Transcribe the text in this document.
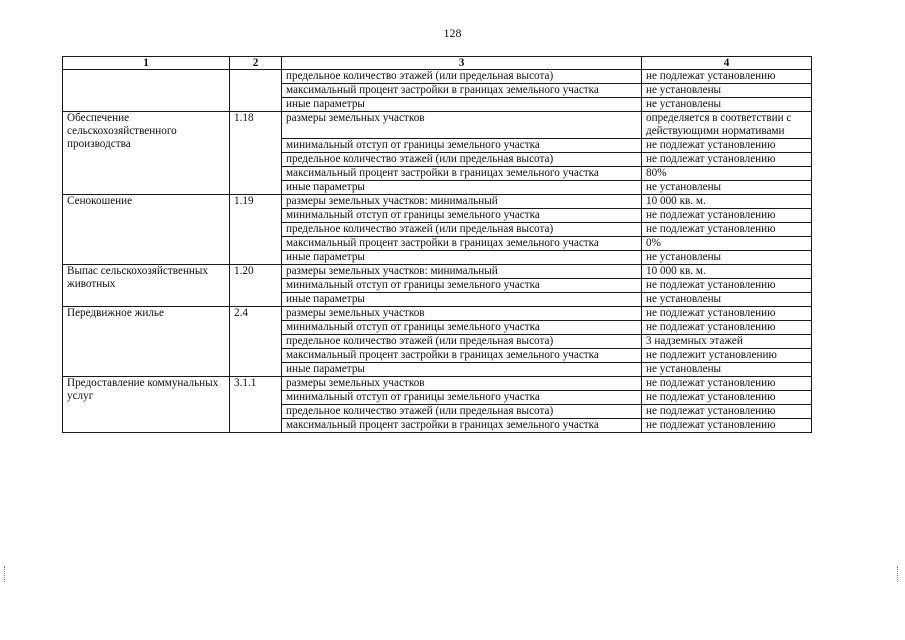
128
1	2	3	4
		предельное количество этажей (или предельная высота)	не подлежат установлению
		максимальный процент застройки в границах земельного участка	не установлены
		иные параметры	не установлены
Обеспечение сельскохозяйственного производства	1.18	размеры земельных участков	определяется в соответствии с действующими нормативами
		минимальный отступ от границы земельного участка	не подлежат установлению
		предельное количество этажей (или предельная высота)	не подлежат установлению
		максимальный процент застройки в границах земельного участка	80%
		иные параметры	не установлены
Сенокошение	1.19	размеры земельных участков: минимальный	10 000 кв. м.
		минимальный отступ от границы земельного участка	не подлежат установлению
		предельное количество этажей (или предельная высота)	не подлежат установлению
		максимальный процент застройки в границах земельного участка	0%
		иные параметры	не установлены
Выпас сельскохозяйственных животных	1.20	размеры земельных участков: минимальный	10 000 кв. м.
		минимальный отступ от границы земельного участка	не подлежат установлению
		иные параметры	не установлены
Передвижное жилье	2.4	размеры земельных участков	не подлежат установлению
		минимальный отступ от границы земельного участка	не подлежат установлению
		предельное количество этажей (или предельная высота)	3 надземных этажей
		максимальный процент застройки в границах земельного участка	не подлежит установлению
		иные параметры	не установлены
Предоставление коммунальных услуг	3.1.1	размеры земельных участков	не подлежат установлению
		минимальный отступ от границы земельного участка	не подлежат установлению
		предельное количество этажей (или предельная высота)	не подлежат установлению
		максимальный процент застройки в границах земельного участка	не подлежат установлению
